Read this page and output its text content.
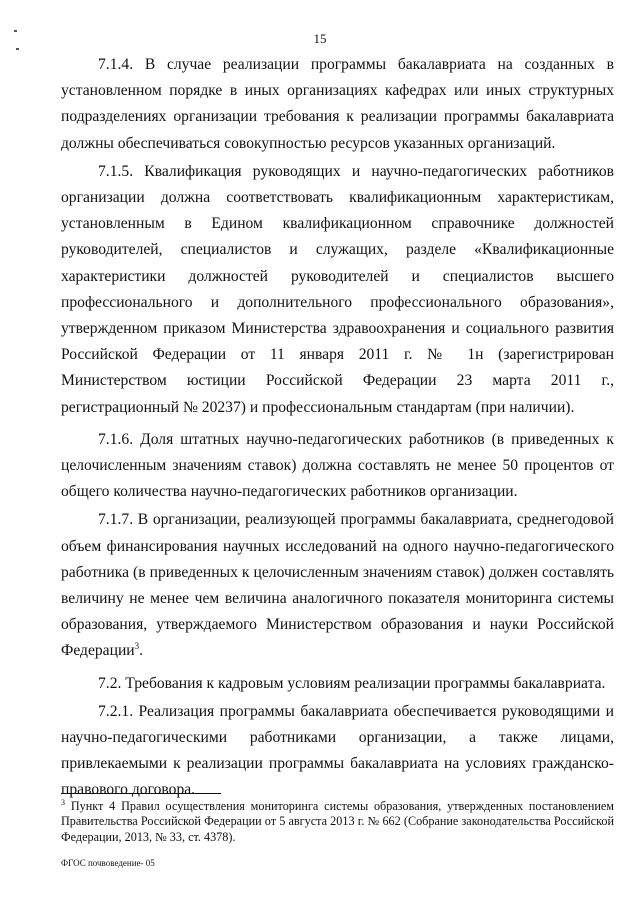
15

7.1.4. В случае реализации программы бакалавриата на созданных в установленном порядке в иных организациях кафедрах или иных структурных подразделениях организации требования к реализации программы бакалавриата должны обеспечиваться совокупностью ресурсов указанных организаций.

7.1.5. Квалификация руководящих и научно-педагогических работников организации должна соответствовать квалификационным характеристикам, установленным в Едином квалификационном справочнике должностей руководителей, специалистов и служащих, разделе «Квалификационные характеристики должностей руководителей и специалистов высшего профессионального и дополнительного профессионального образования», утвержденном приказом Министерства здравоохранения и социального развития Российской Федерации от 11 января 2011 г. № 1н (зарегистрирован Министерством юстиции Российской Федерации 23 марта 2011 г., регистрационный № 20237) и профессиональным стандартам (при наличии).

7.1.6. Доля штатных научно-педагогических работников (в приведенных к целочисленным значениям ставок) должна составлять не менее 50 процентов от общего количества научно-педагогических работников организации.

7.1.7. В организации, реализующей программы бакалавриата, среднегодовой объем финансирования научных исследований на одного научно-педагогического работника (в приведенных к целочисленным значениям ставок) должен составлять величину не менее чем величина аналогичного показателя мониторинга системы образования, утверждаемого Министерством образования и науки Российской Федерации$^3$.

7.2. Требования к кадровым условиям реализации программы бакалавриата.

7.2.1. Реализация программы бакалавриата обеспечивается руководящими и научно-педагогическими работниками организации, а также лицами, привлекаемыми к реализации программы бакалавриата на условиях гражданско-правового договора.

$^3$ Пункт 4 Правил осуществления мониторинга системы образования, утвержденных постановлением Правительства Российской Федерации от 5 августа 2013 г. № 662 (Собрание законодательства Российской Федерации, 2013, № 33, ст. 4378).

ФГОС почвоведение- 05
